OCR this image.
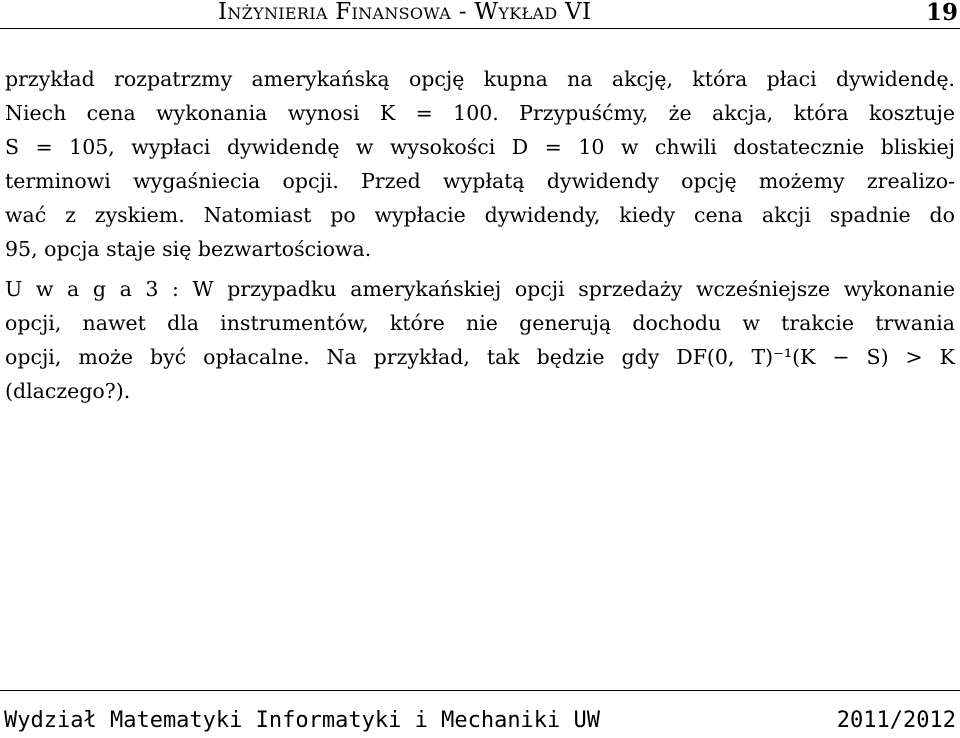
Inżynieria Finansowa - Wykład VI	19
przykład rozpatrzmy amerykańską opcję kupna na akcję, która płaci dywidendę.
Niech cena wykonania wynosi K = 100. Przypuśćmy, że akcja, która kosztuje
S = 105, wypłaci dywidendę w wysokości D = 10 w chwili dostatecznie bliskiej
terminowi wygaśniecia opcji. Przed wypłatą dywidendy opcję możemy zrealizo-
wać z zyskiem. Natomiast po wypłacie dywidendy, kiedy cena akcji spadnie do
95, opcja staje się bezwartościowa.
U w a g a 3 : W przypadku amerykańskiej opcji sprzedaży wcześniejsze wykonanie
opcji, nawet dla instrumentów, które nie generują dochodu w trakcie trwania
opcji, może być opłacalne. Na przykład, tak będzie gdy DF(0, T)⁻¹(K − S) > K
(dlaczego?).
Wydział Matematyki Informatyki i Mechaniki UW	2011/2012
